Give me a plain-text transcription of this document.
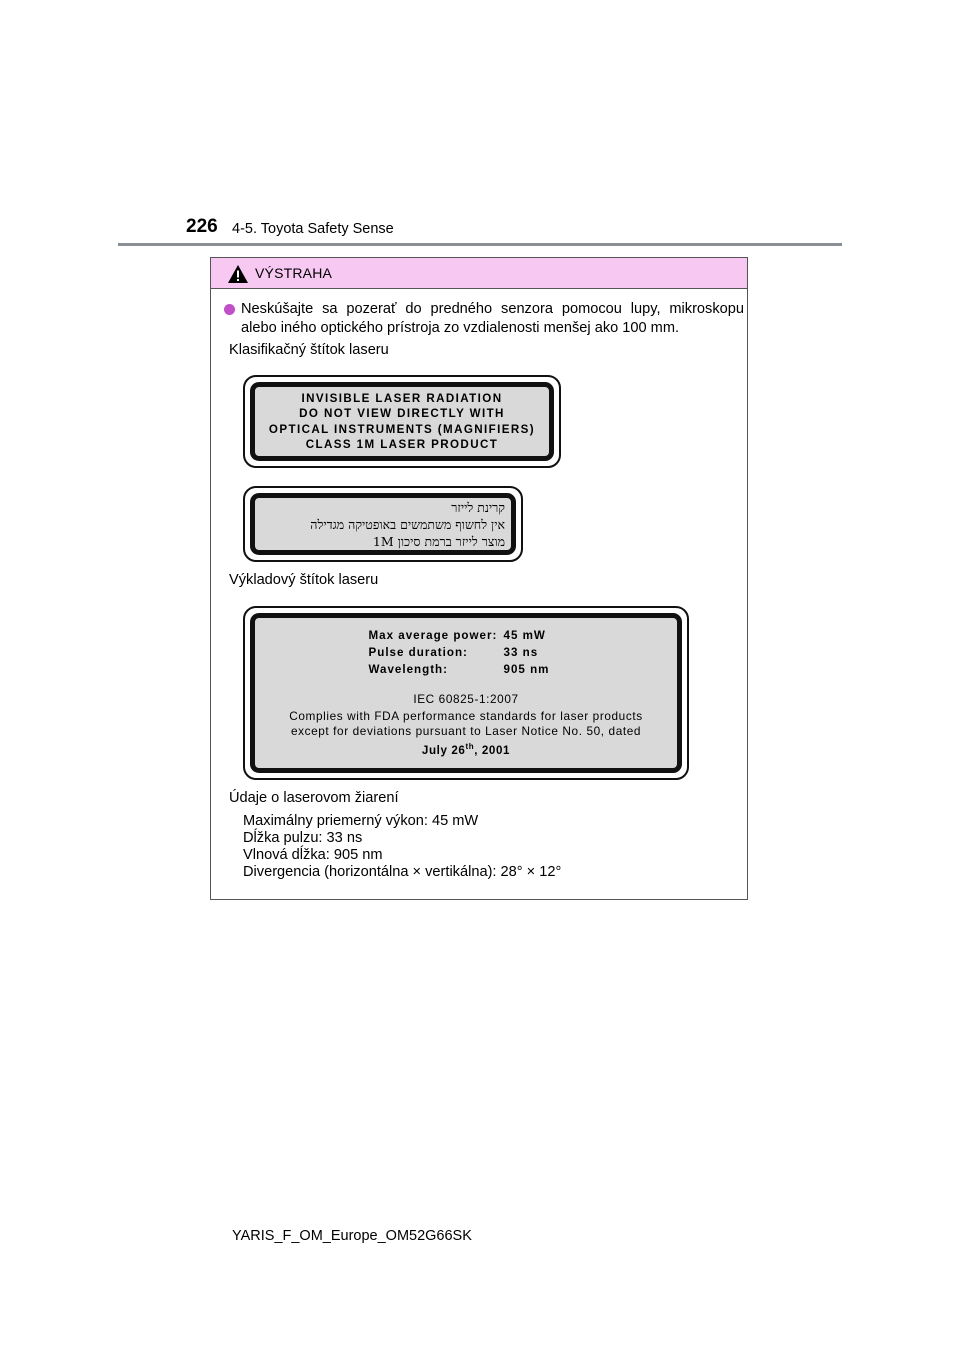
226 4-5. Toyota Safety Sense
VÝSTRAHA
Neskúšajte sa pozerať do predného senzora pomocou lupy, mikroskopu alebo iného optického prístroja zo vzdialenosti menšej ako 100 mm.
Klasifikačný štítok laseru
INVISIBLE LASER RADIATION
DO NOT VIEW DIRECTLY WITH
OPTICAL INSTRUMENTS (MAGNIFIERS)
CLASS 1M LASER PRODUCT
קרינת לייזר
אין לחשוף משתמשים באופטיקה מגדילה
מוצר לייזר ברמת סיכון 1M
Výkladový štítok laseru
Max average power: 45 mW
Pulse duration:	33 ns
Wavelength:	905 nm
IEC 60825-1:2007
Complies with FDA performance standards for laser products
except for deviations pursuant to Laser Notice No. 50, dated
July 26th, 2001
Údaje o laserovom žiarení
Maximálny priemerný výkon: 45 mW
Dĺžka pulzu: 33 ns
Vlnová dĺžka: 905 nm
Divergencia (horizontálna × vertikálna): 28° × 12°
YARIS_F_OM_Europe_OM52G66SK
